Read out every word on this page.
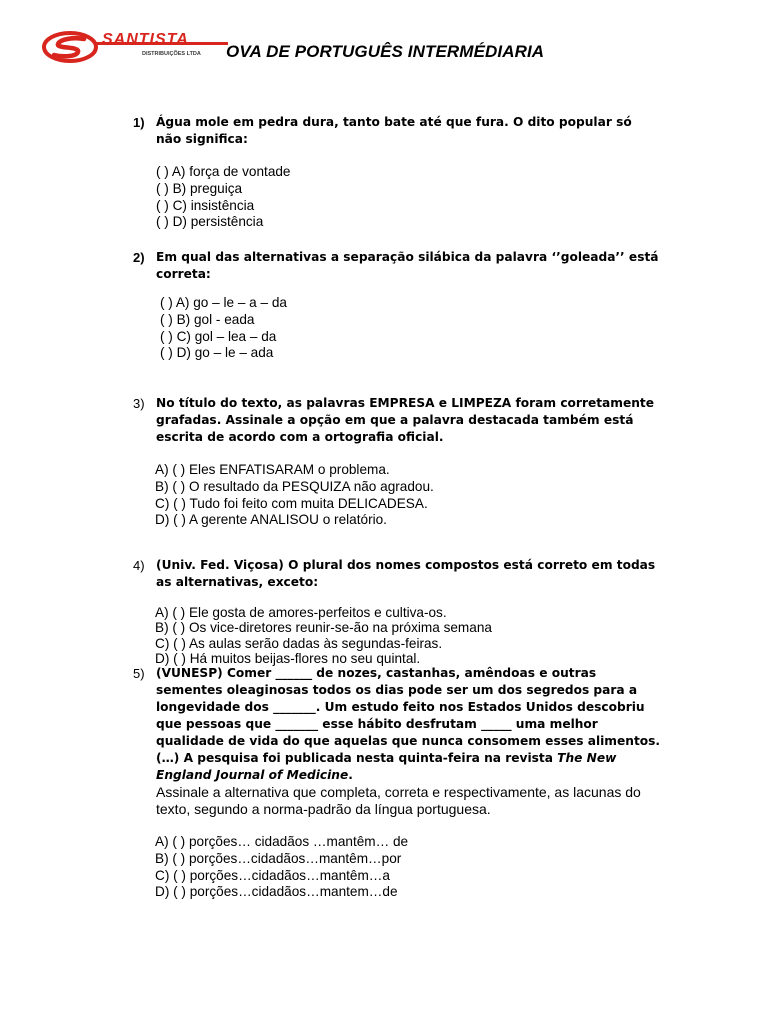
SANTISTA
DISTRIBUIÇÕES LTDA OVA DE PORTUGUÊS INTERMÉDIARIA
1) Água mole em pedra dura, tanto bate até que fura. O dito popular só não significa:

( ) A) força de vontade
( ) B) preguiça
( ) C) insistência
( ) D) persistência
2) Em qual das alternativas a separação silábica da palavra ‘’goleada’’ está correta:

( ) A) go – le – a – da
( ) B) gol - eada
( ) C) gol – lea – da
( ) D) go – le – ada
3) No título do texto, as palavras EMPRESA e LIMPEZA foram corretamente grafadas. Assinale a opção em que a palavra destacada também está escrita de acordo com a ortografia oficial.

A) ( ) Eles ENFATISARAM o problema.
B) ( ) O resultado da PESQUIZA não agradou.
C) ( ) Tudo foi feito com muita DELICADESA.
D) ( ) A gerente ANALISOU o relatório.
4) (Univ. Fed. Viçosa) O plural dos nomes compostos está correto em todas as alternativas, exceto:

A) ( ) Ele gosta de amores-perfeitos e cultiva-os.
B) ( ) Os vice-diretores reunir-se-ão na próxima semana
C) ( ) As aulas serão dadas às segundas-feiras.
D) ( ) Há muitos beijas-flores no seu quintal.
5) (VUNESP) Comer ______ de nozes, castanhas, amêndoas e outras sementes oleaginosas todos os dias pode ser um dos segredos para a longevidade dos _______. Um estudo feito nos Estados Unidos descobriu que pessoas que _______ esse hábito desfrutam _____ uma melhor qualidade de vida do que aquelas que nunca consomem esses alimentos. (…) A pesquisa foi publicada nesta quinta-feira na revista The New England Journal of Medicine.

Assinale a alternativa que completa, correta e respectivamente, as lacunas do texto, segundo a norma-padrão da língua portuguesa.

A) ( ) porções… cidadãos …mantêm… de
B) ( ) porções…cidadãos…mantêm…por
C) ( ) porções…cidadãos…mantêm…a
D) ( ) porções…cidadãos…mantem…de
